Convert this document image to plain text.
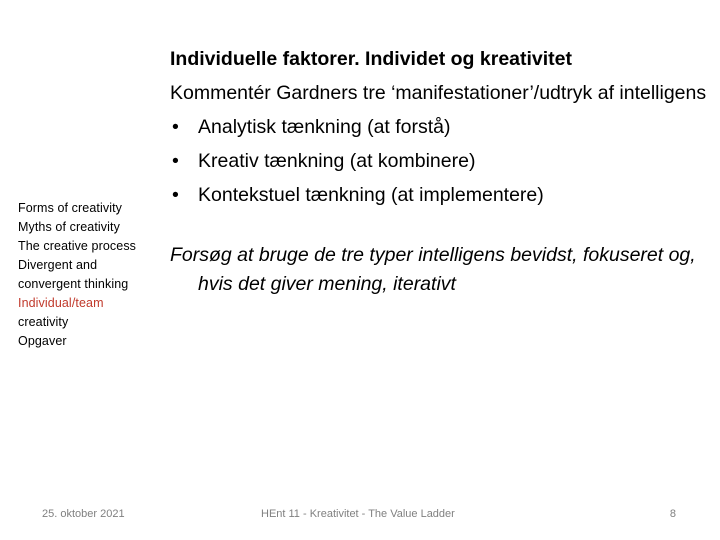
Forms of creativity
Myths of creativity
The creative process
Divergent and
convergent thinking
Individual/team
creativity
Opgaver
Individuelle faktorer. Individet og kreativitet
Kommentér Gardners tre ‘manifestationer’/udtryk af intelligens
• Analytisk tænkning (at forstå)
• Kreativ tænkning (at kombinere)
• Kontekstuel tænkning (at implementere)
Forsøg at bruge de tre typer intelligens bevidst, fokuseret og, hvis det giver mening, iterativt
25. oktober 2021	HEnt 11 - Kreativitet - The Value Ladder	8
